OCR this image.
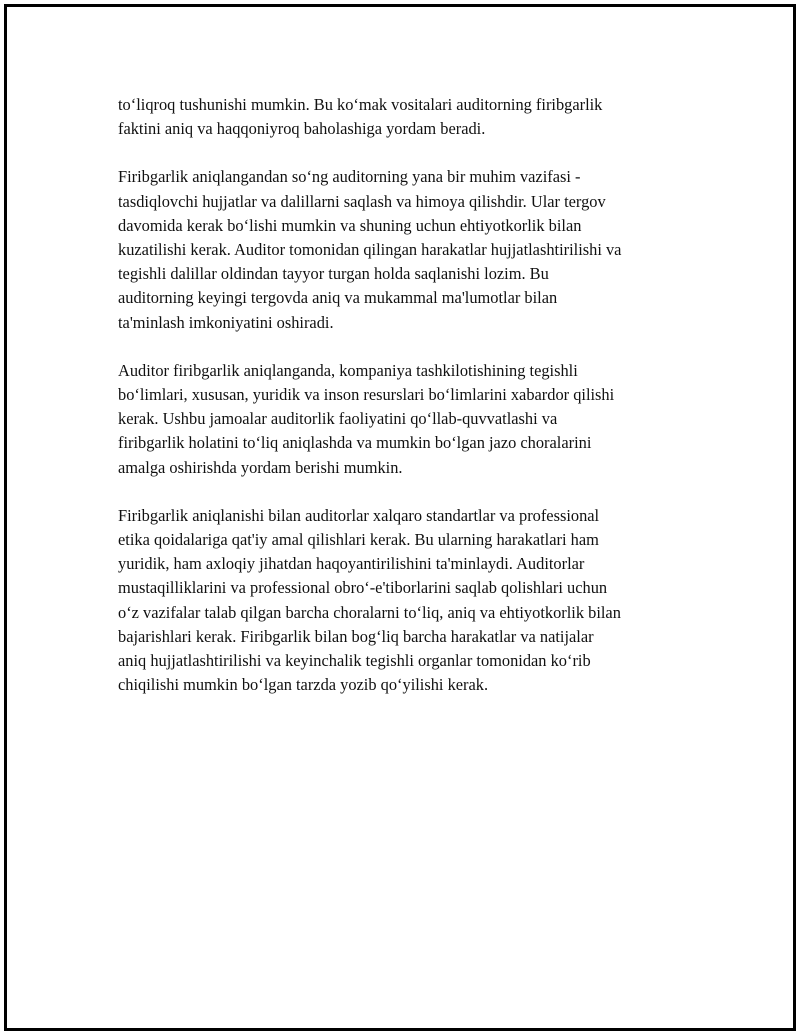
to‘liqroq tushunishi mumkin. Bu ko‘mak vositalari auditorning firibgarlik
faktini aniq va haqqoniyroq baholashiga yordam beradi.

Firibgarlik aniqlangandan so‘ng auditorning yana bir muhim vazifasi -
tasdiqlovchi hujjatlar va dalillarni saqlash va himoya qilishdir. Ular tergov
davomida kerak bo‘lishi mumkin va shuning uchun ehtiyotkorlik bilan
kuzatilishi kerak. Auditor tomonidan qilingan harakatlar hujjatlashtirilishi va
tegishli dalillar oldindan tayyor turgan holda saqlanishi lozim. Bu
auditorning keyingi tergovda aniq va mukammal ma'lumotlar bilan
ta'minlash imkoniyatini oshiradi.

Auditor firibgarlik aniqlanganda, kompaniya tashkilotishining tegishli
bo‘limlari, xususan, yuridik va inson resurslari bo‘limlarini xabardor qilishi
kerak. Ushbu jamoalar auditorlik faoliyatini qo‘llab-quvvatlashi va
firibgarlik holatini to‘liq aniqlashda va mumkin bo‘lgan jazo choralarini
amalga oshirishda yordam berishi mumkin.

Firibgarlik aniqlanishi bilan auditorlar xalqaro standartlar va professional
etika qoidalariga qat'iy amal qilishlari kerak. Bu ularning harakatlari ham
yuridik, ham axloqiy jihatdan haqoyantirilishini ta'minlaydi. Auditorlar
mustaqilliklarini va professional obro‘-e'tiborlarini saqlab qolishlari uchun
o‘z vazifalar talab qilgan barcha choralarni to‘liq, aniq va ehtiyotkorlik bilan
bajarishlari kerak. Firibgarlik bilan bog‘liq barcha harakatlar va natijalar
aniq hujjatlashtirilishi va keyinchalik tegishli organlar tomonidan ko‘rib
chiqilishi mumkin bo‘lgan tarzda yozib qo‘yilishi kerak.
